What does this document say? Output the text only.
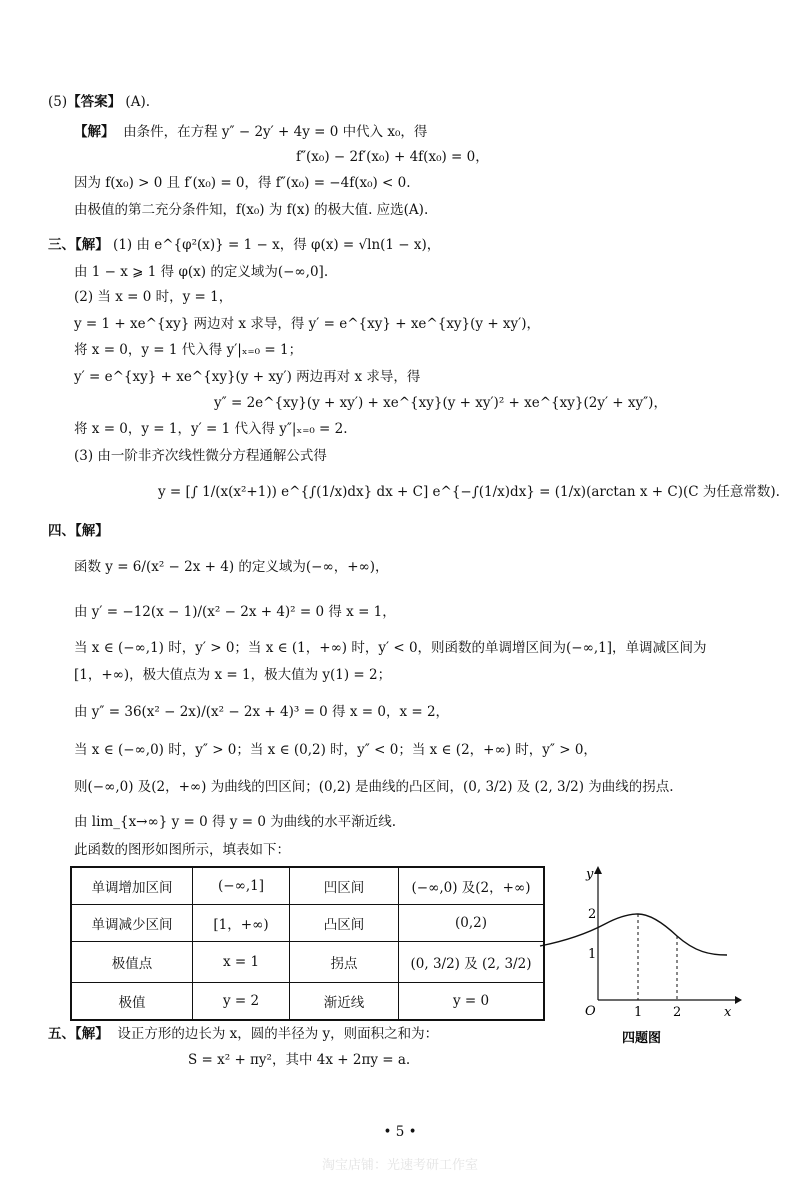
(5)【答案】 (A).
【解】 由条件，在方程 y″ − 2y′ + 4y = 0 中代入 x₀，得
f″(x₀) − 2f′(x₀) + 4f(x₀) = 0，
因为 f(x₀) > 0 且 f′(x₀) = 0，得 f″(x₀) = −4f(x₀) < 0.
由极值的第二充分条件知，f(x₀) 为 f(x) 的极大值. 应选(A).
三、【解】 (1) 由 e^{φ²(x)} = 1 − x，得 φ(x) = √ln(1 − x)，
由 1 − x ⩾ 1 得 φ(x) 的定义域为(−∞,0].
(2) 当 x = 0 时，y = 1，
y = 1 + xe^{xy} 两边对 x 求导，得 y′ = e^{xy} + xe^{xy}(y + xy′)，
将 x = 0，y = 1 代入得 y′|ₓ₌₀ = 1；
y′ = e^{xy} + xe^{xy}(y + xy′) 两边再对 x 求导，得
y″ = 2e^{xy}(y + xy′) + xe^{xy}(y + xy′)² + xe^{xy}(2y′ + xy″)，
将 x = 0，y = 1，y′ = 1 代入得 y″|ₓ₌₀ = 2.
(3) 由一阶非齐次线性微分方程通解公式得
y = [∫ 1/(x(x²+1)) e^{∫(1/x)dx} dx + C] e^{−∫(1/x)dx} = (1/x)(arctan x + C)(C 为任意常数).
四、【解】
函数 y = 6/(x² − 2x + 4) 的定义域为(−∞，+∞)，
由 y′ = −12(x − 1)/(x² − 2x + 4)² = 0 得 x = 1，
当 x ∈ (−∞,1) 时，y′ > 0；当 x ∈ (1，+∞) 时，y′ < 0，则函数的单调增区间为(−∞,1]，单调减区间为
[1，+∞)，极大值点为 x = 1，极大值为 y(1) = 2；
由 y″ = 36(x² − 2x)/(x² − 2x + 4)³ = 0 得 x = 0，x = 2，
当 x ∈ (−∞,0) 时，y″ > 0；当 x ∈ (0,2) 时，y″ < 0；当 x ∈ (2，+∞) 时，y″ > 0，
则(−∞,0) 及(2，+∞) 为曲线的凹区间；(0,2) 是曲线的凸区间，(0, 3/2) 及 (2, 3/2) 为曲线的拐点.
由 lim_{x→∞} y = 0 得 y = 0 为曲线的水平渐近线.
此函数的图形如图所示，填表如下：
单调增加区间	(−∞,1]	凹区间	(−∞,0) 及(2，+∞)
单调减少区间	[1，+∞)	凸区间	(0,2)
极值点	x = 1	拐点	(0, 3/2) 及 (2, 3/2)
极值	y = 2	渐近线	y = 0
y
x
O
2
1
1 2
四题图
五、【解】 设正方形的边长为 x，圆的半径为 y，则面积之和为：
S = x² + πy²，其中 4x + 2πy = a.
• 5 •
淘宝店铺：光速考研工作室
